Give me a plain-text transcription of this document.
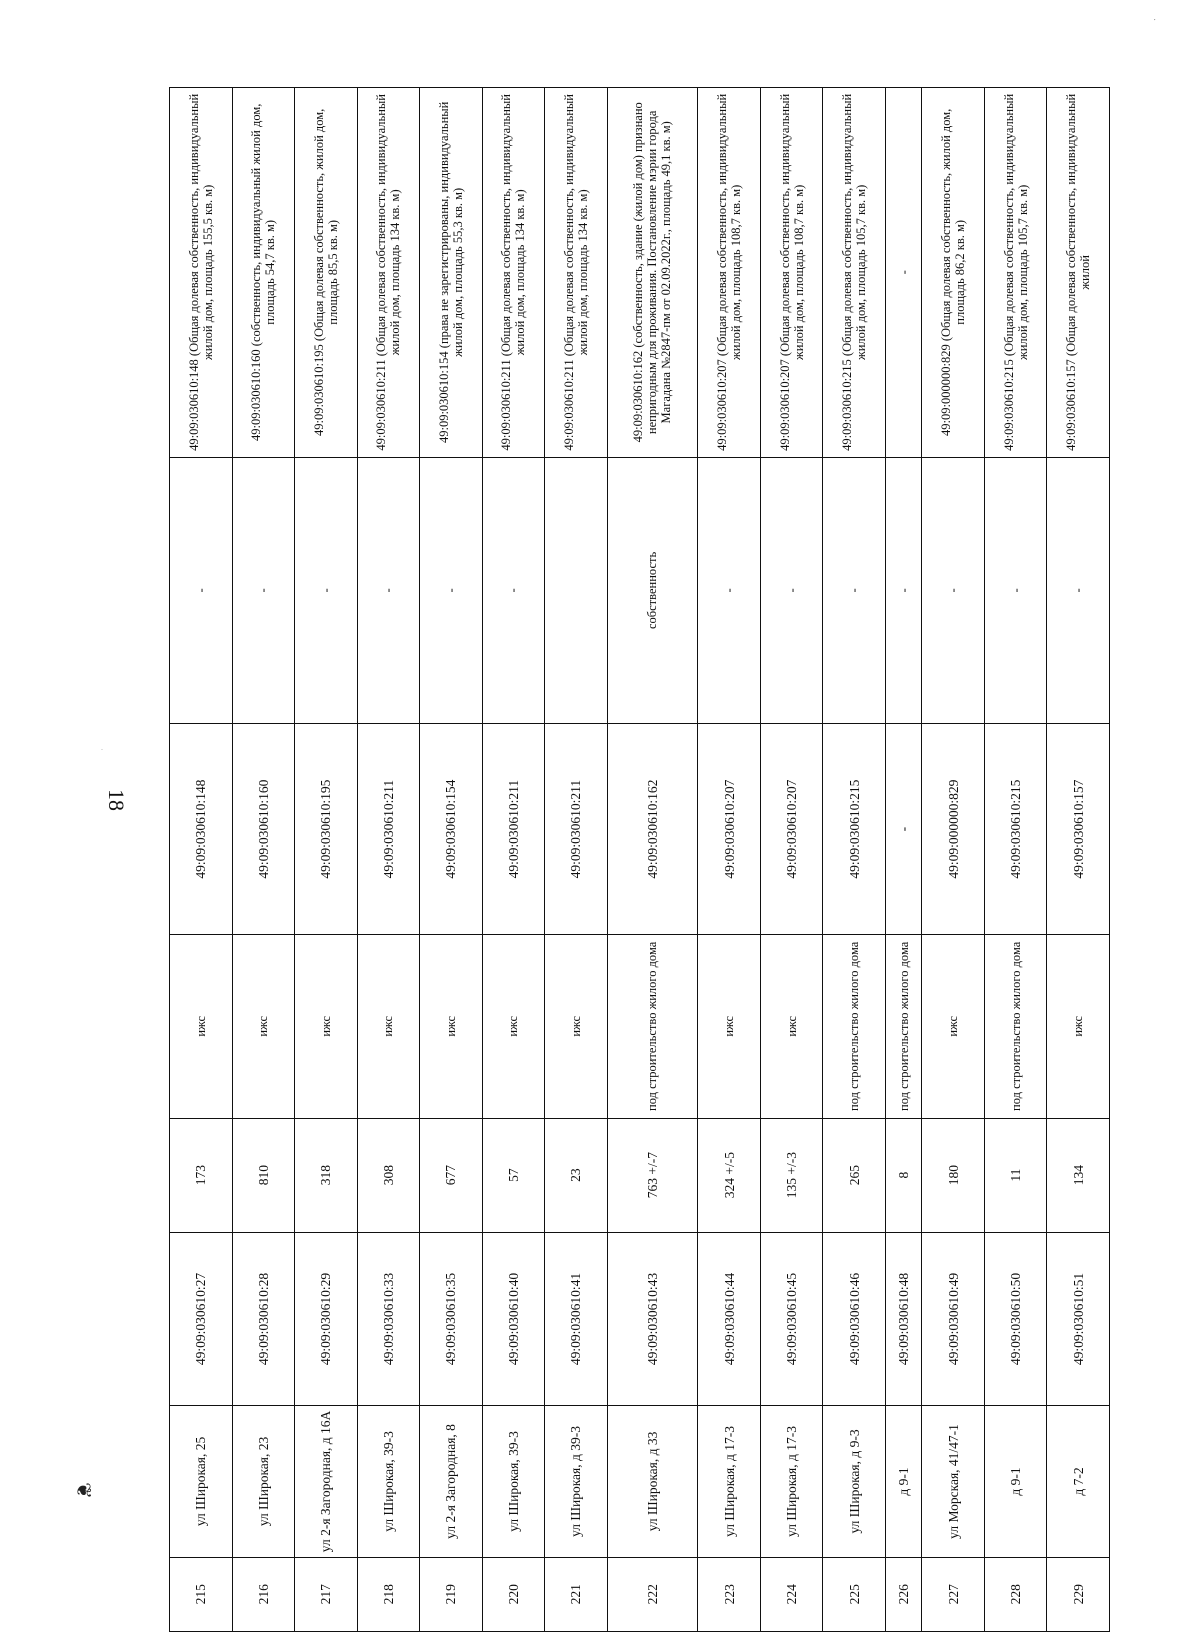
18
❦
·
·
215	ул Широкая, 25	49:09:030610:27	173	ижс	49:09:030610:148	-	49:09:030610:148 (Общая долевая собственность, индивидуальный жилой дом, площадь 155,5 кв. м)
216	ул Широкая, 23	49:09:030610:28	810	ижс	49:09:030610:160	-	49:09:030610:160 (собственность, индивидуальный жилой дом, площадь 54,7 кв. м)
217	ул 2-я Загородная, д 16А	49:09:030610:29	318	ижс	49:09:030610:195	-	49:09:030610:195 (Общая долевая собственность, жилой дом, площадь 85,5 кв. м)
218	ул Широкая, 39-3	49:09:030610:33	308	ижс	49:09:030610:211	-	49:09:030610:211 (Общая долевая собственность, индивидуальный жилой дом, площадь 134 кв. м)
219	ул 2-я Загородная, 8	49:09:030610:35	677	ижс	49:09:030610:154	-	49:09:030610:154 (права не зарегистрированы, индивидуальный жилой дом, площадь 55,3 кв. м)
220	ул Широкая, 39-3	49:09:030610:40	57	ижс	49:09:030610:211	-	49:09:030610:211 (Общая долевая собственность, индивидуальный жилой дом, площадь 134 кв. м)
221	ул Широкая, д 39-3	49:09:030610:41	23	ижс	49:09:030610:211		49:09:030610:211 (Общая долевая собственность, индивидуальный жилой дом, площадь 134 кв. м)
222	ул Широкая, д 33	49:09:030610:43	763 +/-7	под строительство жилого дома	49:09:030610:162	собственность	49:09:030610:162 (собственность, здание (жилой дом) признано непригодным для проживания. Постановление мэрии города Магадана №2847-пм от 02.09.2022г., площадь 49,1 кв. м)
223	ул Широкая, д 17-3	49:09:030610:44	324 +/-5	ижс	49:09:030610:207	-	49:09:030610:207 (Общая долевая собственность, индивидуальный жилой дом, площадь 108,7 кв. м)
224	ул Широкая, д 17-3	49:09:030610:45	135 +/-3	ижс	49:09:030610:207	-	49:09:030610:207 (Общая долевая собственность, индивидуальный жилой дом, площадь 108,7 кв. м)
225	ул Широкая, д 9-3	49:09:030610:46	265	под строительство жилого дома	49:09:030610:215	-	49:09:030610:215 (Общая долевая собственность, индивидуальный жилой дом, площадь 105,7 кв. м)
226	д 9-1	49:09:030610:48	8	под строительство жилого дома	-	-	-
227	ул Морская, 41/47-1	49:09:030610:49	180	ижс	49:09:000000:829	-	49:09:000000:829 (Общая долевая собственность, жилой дом, площадь 86,2 кв. м)
228	д 9-1	49:09:030610:50	11	под строительство жилого дома	49:09:030610:215	-	49:09:030610:215 (Общая долевая собственность, индивидуальный жилой дом, площадь 105,7 кв. м)
229	д 7-2	49:09:030610:51	134	ижс	49:09:030610:157	-	49:09:030610:157 (Общая долевая собственность, индивидуальный жилой
